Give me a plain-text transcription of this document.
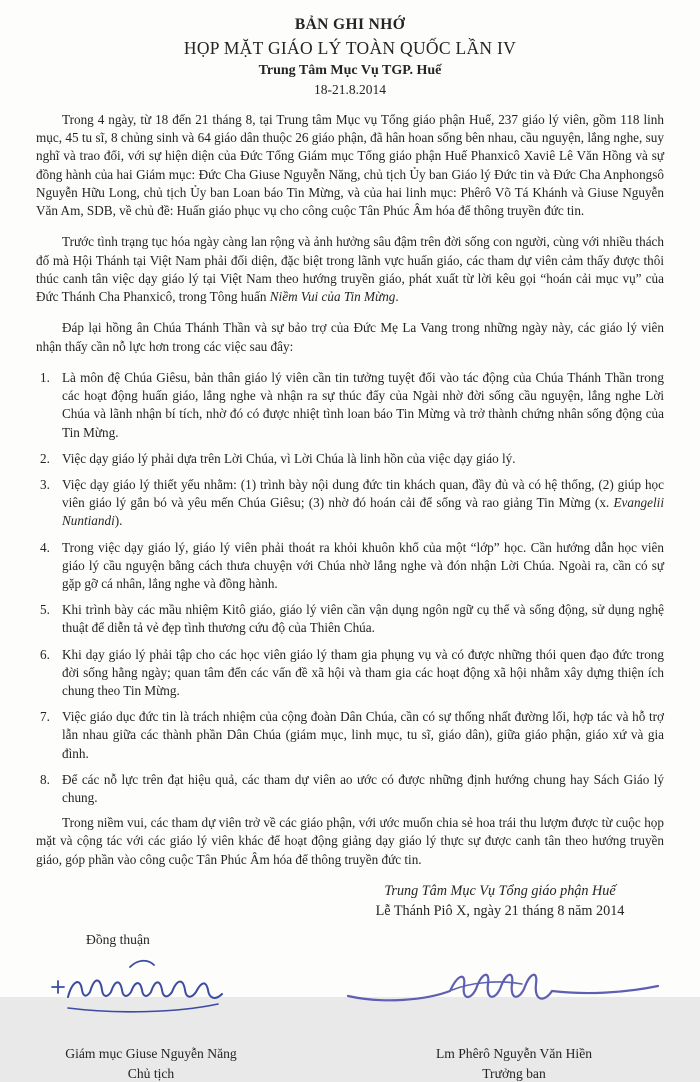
BẢN GHI NHỚ
HỌP MẶT GIÁO LÝ TOÀN QUỐC LẦN IV
Trung Tâm Mục Vụ TGP. Huế
18-21.8.2014

Trong 4 ngày, từ 18 đến 21 tháng 8, tại Trung tâm Mục vụ Tổng giáo phận Huế, 237 giáo lý viên, gồm 118 linh mục, 45 tu sĩ, 8 chủng sinh và 64 giáo dân thuộc 26 giáo phận, đã hân hoan sống bên nhau, cầu nguyện, lắng nghe, suy nghĩ và trao đổi, với sự hiện diện của Đức Tổng Giám mục Tổng giáo phận Huế Phanxicô Xaviê Lê Văn Hồng và sự đồng hành của hai Giám mục: Đức Cha Giuse Nguyễn Năng, chủ tịch Ủy ban Giáo lý Đức tin và Đức Cha Anphongsô Nguyễn Hữu Long, chủ tịch Ủy ban Loan báo Tin Mừng, và của hai linh mục: Phêrô Võ Tá Khánh và Giuse Nguyễn Văn Am, SDB, về chủ đề: Huấn giáo phục vụ cho công cuộc Tân Phúc Âm hóa để thông truyền đức tin.

Trước tình trạng tục hóa ngày càng lan rộng và ảnh hưởng sâu đậm trên đời sống con người, cùng với nhiều thách đố mà Hội Thánh tại Việt Nam phải đối diện, đặc biệt trong lãnh vực huấn giáo, các tham dự viên cảm thấy được thôi thúc canh tân việc dạy giáo lý tại Việt Nam theo hướng truyền giáo, phát xuất từ lời kêu gọi “hoán cải mục vụ” của Đức Thánh Cha Phanxicô, trong Tông huấn Niềm Vui của Tin Mừng.

Đáp lại hồng ân Chúa Thánh Thần và sự bảo trợ của Đức Mẹ La Vang trong những ngày này, các giáo lý viên nhận thấy cần nỗ lực hơn trong các việc sau đây:

1. Là môn đệ Chúa Giêsu, bản thân giáo lý viên cần tin tưởng tuyệt đối vào tác động của Chúa Thánh Thần trong các hoạt động huấn giáo, lắng nghe và nhận ra sự thúc đẩy của Ngài nhờ đời sống cầu nguyện, lắng nghe Lời Chúa và lãnh nhận bí tích, nhờ đó có được nhiệt tình loan báo Tin Mừng và trở thành chứng nhân sống động của Tin Mừng.
2. Việc dạy giáo lý phải dựa trên Lời Chúa, vì Lời Chúa là linh hồn của việc dạy giáo lý.
3. Việc dạy giáo lý thiết yếu nhằm: (1) trình bày nội dung đức tin khách quan, đầy đủ và có hệ thống, (2) giúp học viên giáo lý gắn bó và yêu mến Chúa Giêsu; (3) nhờ đó hoán cải để sống và rao giảng Tin Mừng (x. Evangelii Nuntiandi).
4. Trong việc dạy giáo lý, giáo lý viên phải thoát ra khỏi khuôn khổ của một “lớp” học. Cần hướng dẫn học viên giáo lý cầu nguyện bằng cách thưa chuyện với Chúa nhờ lắng nghe và đón nhận Lời Chúa. Ngoài ra, cần có sự gặp gỡ cá nhân, lắng nghe và đồng hành.
5. Khi trình bày các mầu nhiệm Kitô giáo, giáo lý viên cần vận dụng ngôn ngữ cụ thể và sống động, sử dụng nghệ thuật để diễn tả vẻ đẹp tình thương cứu độ của Thiên Chúa.
6. Khi dạy giáo lý phải tập cho các học viên giáo lý tham gia phụng vụ và có được những thói quen đạo đức trong đời sống hằng ngày; quan tâm đến các vấn đề xã hội và tham gia các hoạt động xã hội nhằm xây dựng thiện ích chung theo Tin Mừng.
7. Việc giáo dục đức tin là trách nhiệm của cộng đoàn Dân Chúa, cần có sự thống nhất đường lối, hợp tác và hỗ trợ lẫn nhau giữa các thành phần Dân Chúa (giám mục, linh mục, tu sĩ, giáo dân), giữa giáo phận, giáo xứ và gia đình.
8. Để các nỗ lực trên đạt hiệu quả, các tham dự viên ao ước có được những định hướng chung hay Sách Giáo lý chung.

Trong niềm vui, các tham dự viên trở về các giáo phận, với ước muốn chia sẻ hoa trái thu lượm được từ cuộc họp mặt và cộng tác với các giáo lý viên khác để hoạt động giảng dạy giáo lý thực sự được canh tân theo hướng truyền giáo, góp phần vào công cuộc Tân Phúc Âm hóa để thông truyền đức tin.

Trung Tâm Mục Vụ Tổng giáo phận Huế
Lễ Thánh Piô X, ngày 21 tháng 8 năm 2014
Đồng thuận
Giám mục Giuse Nguyễn Năng
Chủ tịch
Lm Phêrô Nguyễn Văn Hiền
Trưởng ban
